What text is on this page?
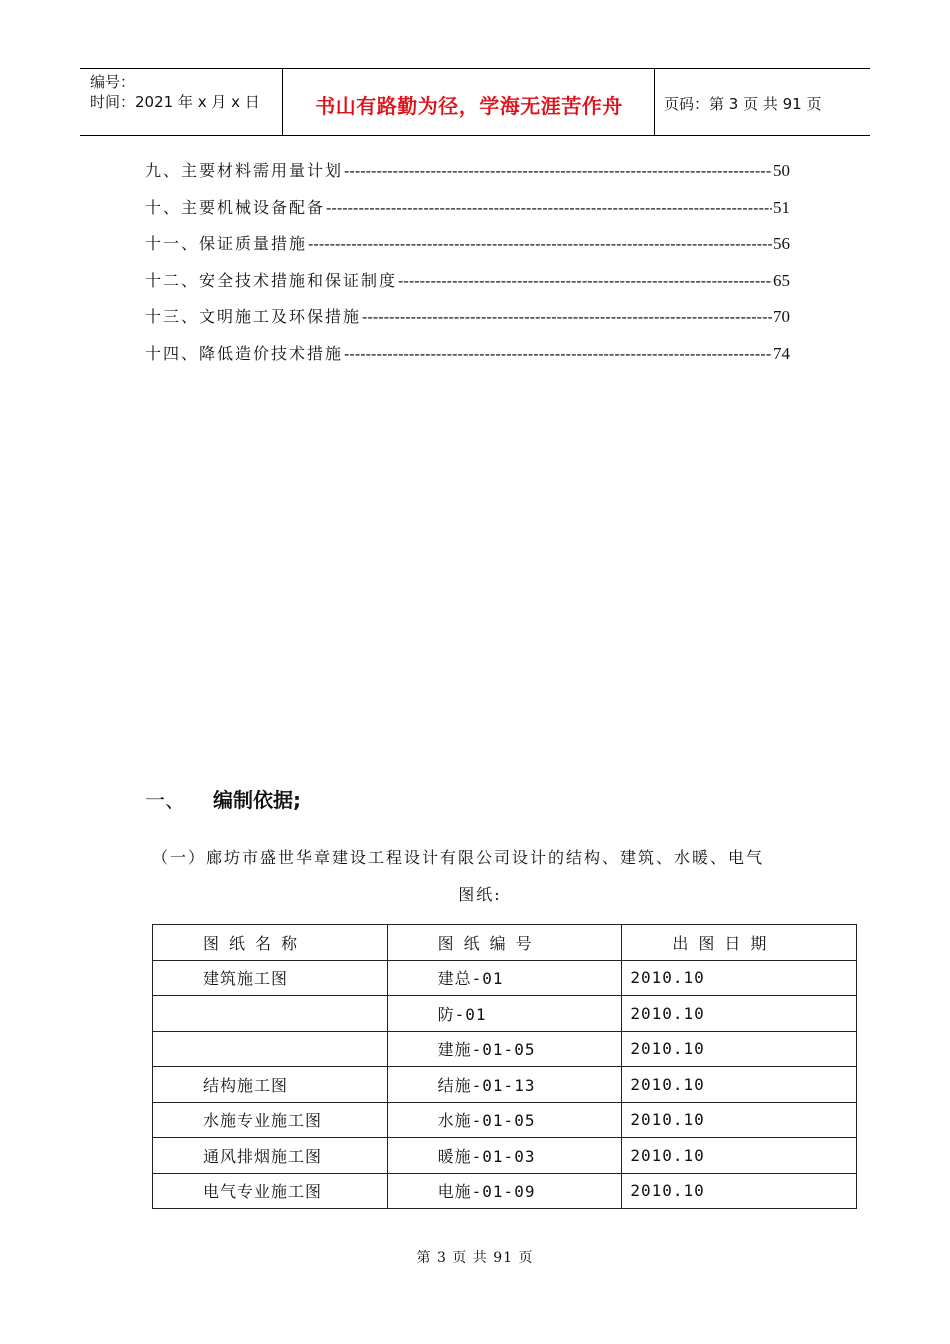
编号：
时间：2021 年 x 月 x 日	书山有路勤为径，学海无涯苦作舟	页码：第 3 页 共 91 页
九、主要材料需用量计划 -----	50
十、主要机械设备配备 -----	51
十一、保证质量措施 -----	56
十二、安全技术措施和保证制度 -----	65
十三、文明施工及环保措施 -----	70
十四、降低造价技术措施 -----	74
一、 编制依据;
（一）廊坊市盛世华章建设工程设计有限公司设计的结构、建筑、水暖、电气
图纸:
图纸名称	图纸编号	出图日期
建筑施工图	建总-01	2010.10
	防-01	2010.10
	建施-01-05	2010.10
结构施工图	结施-01-13	2010.10
水施专业施工图	水施-01-05	2010.10
通风排烟施工图	暖施-01-03	2010.10
电气专业施工图	电施-01-09	2010.10
第 3 页 共 91 页
